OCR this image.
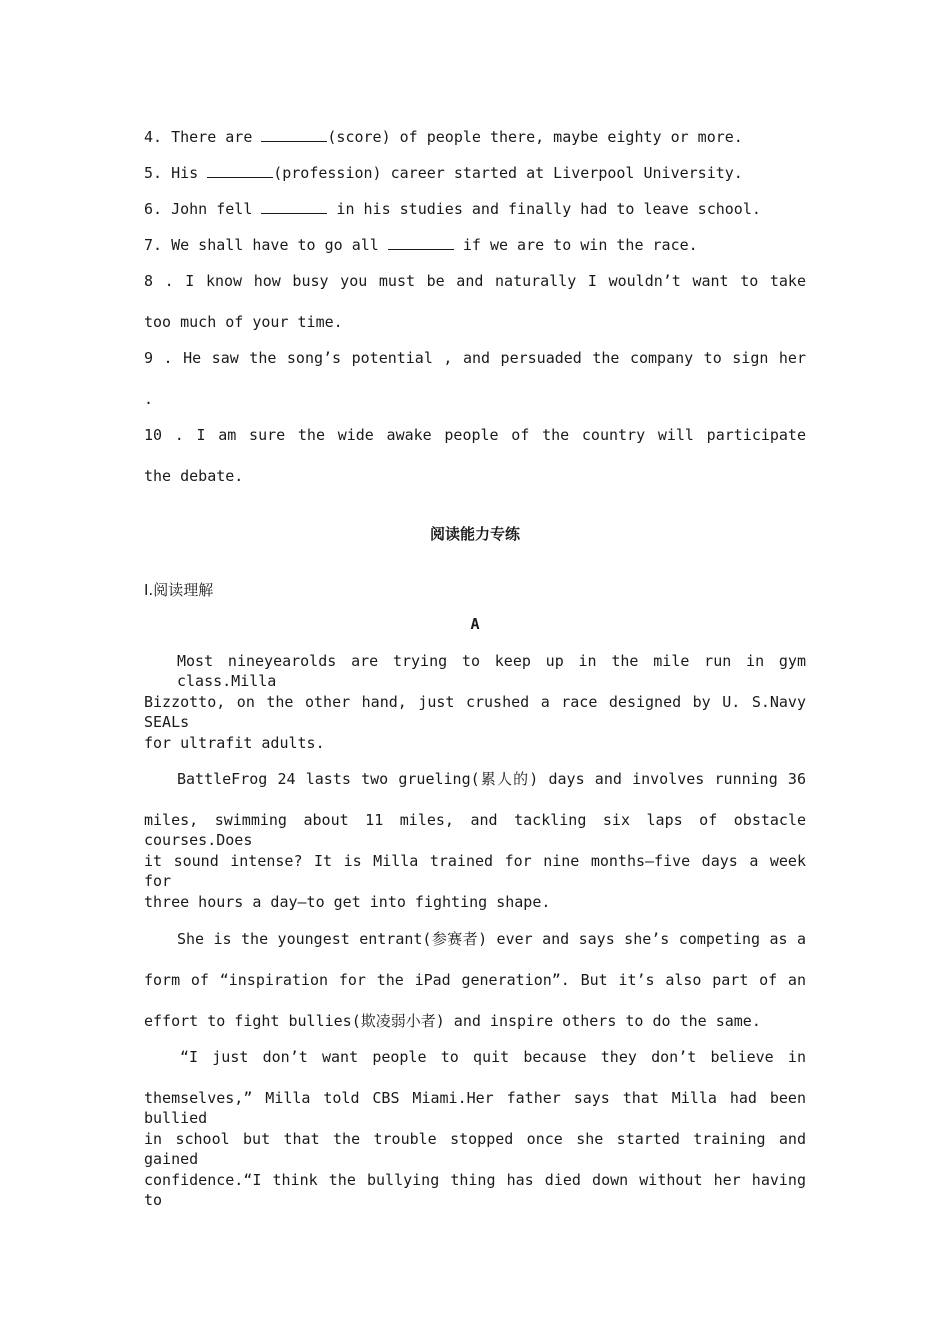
4. There are	(score) of people there, maybe eighty or more.
5. His	(profession) career started at Liverpool University.
6. John fell	in his studies and finally had to leave school.
7. We shall have to go all	if we are to win the race.
8 . I know how busy you must be and naturally I wouldn’t want to take
too much of your time.
9 . He saw the song’s potential , and persuaded the company to sign her
.
10 . I am sure the wide awake people of the country will participate
the debate.
阅读能力专练
Ⅰ.阅读理解
A
Most nineyearolds are trying to keep up in the mile run in gym class.Milla
Bizzotto, on the other hand, just crushed a race designed by U. S.Navy SEALs
for ultrafit adults.
BattleFrog 24 lasts two grueling(累人的) days and involves running 36
miles, swimming about 11 miles, and tackling six laps of obstacle courses.Does
it sound intense? It is Milla trained for nine months—five days a week for
three hours a day—to get into fighting shape.
She is the youngest entrant(参赛者) ever and says she’s competing as a
form of “inspiration for the iPad generation”. But it’s also part of an
effort to fight bullies(欺凌弱小者) and inspire others to do the same.
“I just don’t want people to quit because they don’t believe in
themselves,” Milla told CBS Miami.Her father says that Milla had been bullied
in school but that the trouble stopped once she started training and gained
confidence.“I think the bullying thing has died down without her having to
